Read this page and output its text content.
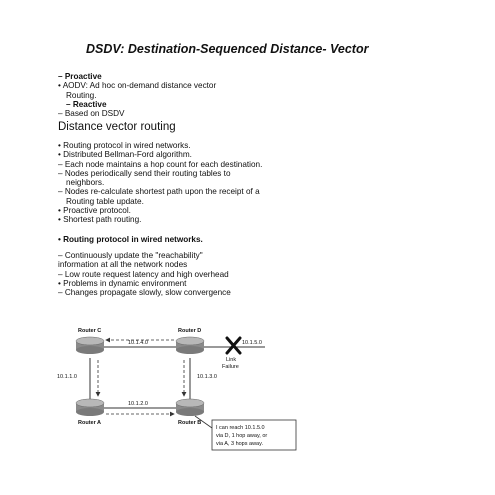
DSDV: Destination-Sequenced Distance- Vector
– Proactive
• AODV: Ad hoc on-demand distance vector
Routing.
– Reactive
– Based on DSDV
Distance vector routing
• Routing protocol in wired networks.
• Distributed Bellman-Ford algorithm.
– Each node maintains a hop count for each destination.
– Nodes periodically send their routing tables to
neighbors.
– Nodes re-calculate shortest path upon the receipt of a
Routing table update.
• Proactive protocol.
• Shortest path routing.
• Routing protocol in wired networks.
– Continuously update the "reachability"
information at all the network nodes
– Low route request latency and high overhead
• Problems in dynamic environment
– Changes propagate slowly, slow convergence
Router C	Router D
Router A	Router B
10.1.4.0
10.1.1.0
10.1.2.0
10.1.3.0
10.1.5.0
Link
Failure
I can reach 10.1.5.0
via D, 1 hop away, or
via A, 3 hops away.
